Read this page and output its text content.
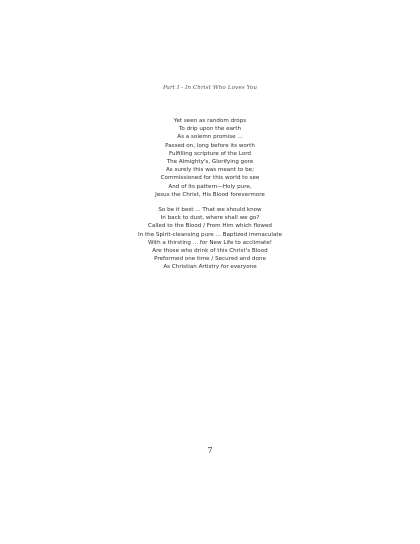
Part I - In Christ Who Loves You
Yet seen as random drops
To drip upon the earth
As a solemn promise ...
Passed on, long before its worth
Fulfilling scripture of the Lord
The Almighty's, Glorifying gore
As surely this was meant to be;
Commissioned for this world to see
And of its pattern—Holy pure,
Jesus the Christ, His Blood forevermore
So be it best ... That we should know
In back to dust, where shall we go?
Called to the Blood / From Him which flowed
In the Spirit-cleansing pure ... Baptized immaculate
With a thirsting ... for New Life to acclimate!
Are those who drink of this Christ's Blood
Preformed one time / Secured and done
As Christian Artistry for everyone
7
